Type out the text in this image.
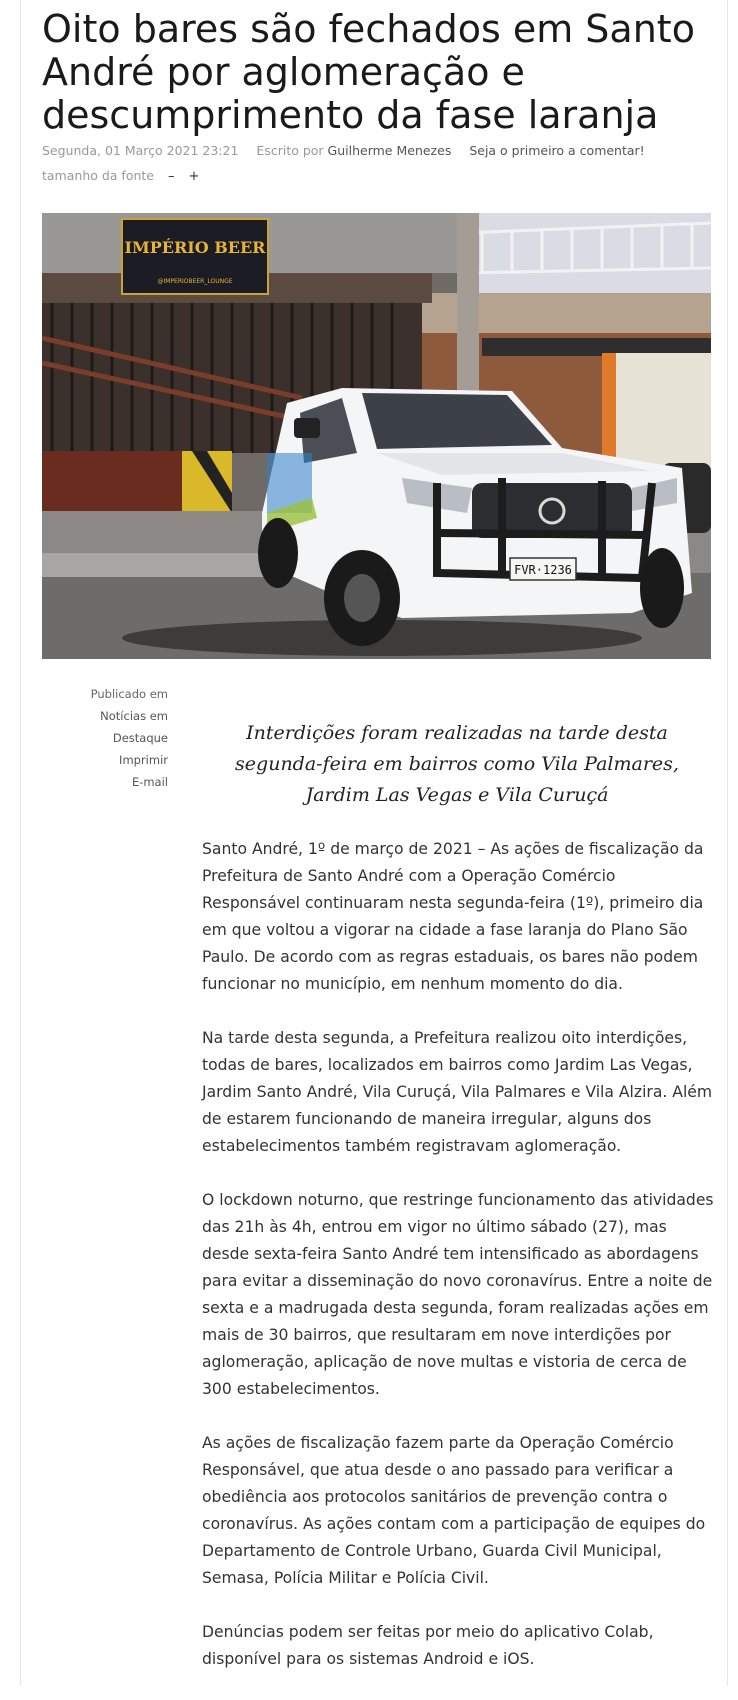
Oito bares são fechados em Santo André por aglomeração e descumprimento da fase laranja
Segunda, 01 Março 2021 23:21 Escrito por Guilherme Menezes Seja o primeiro a comentar!
tamanho da fonte – +
IMPÉRIO BEER
@IMPERIOBEER_LOUNGE
FVR·1236
Publicado em

Notícias em
Destaque
Imprimir
E-mail

Interdições foram realizadas na tarde desta segunda-feira em bairros como Vila Palmares, Jardim Las Vegas e Vila Curuçá

Santo André, 1º de março de 2021 – As ações de fiscalização da Prefeitura de Santo André com a Operação Comércio Responsável continuaram nesta segunda-feira (1º), primeiro dia em que voltou a vigorar na cidade a fase laranja do Plano São Paulo. De acordo com as regras estaduais, os bares não podem funcionar no município, em nenhum momento do dia.

Na tarde desta segunda, a Prefeitura realizou oito interdições, todas de bares, localizados em bairros como Jardim Las Vegas, Jardim Santo André, Vila Curuçá, Vila Palmares e Vila Alzira. Além de estarem funcionando de maneira irregular, alguns dos estabelecimentos também registravam aglomeração.

O lockdown noturno, que restringe funcionamento das atividades das 21h às 4h, entrou em vigor no último sábado (27), mas desde sexta-feira Santo André tem intensificado as abordagens para evitar a disseminação do novo coronavírus. Entre a noite de sexta e a madrugada desta segunda, foram realizadas ações em mais de 30 bairros, que resultaram em nove interdições por aglomeração, aplicação de nove multas e vistoria de cerca de 300 estabelecimentos.

As ações de fiscalização fazem parte da Operação Comércio Responsável, que atua desde o ano passado para verificar a obediência aos protocolos sanitários de prevenção contra o coronavírus. As ações contam com a participação de equipes do Departamento de Controle Urbano, Guarda Civil Municipal, Semasa, Polícia Militar e Polícia Civil.

Denúncias podem ser feitas por meio do aplicativo Colab, disponível para os sistemas Android e iOS.
